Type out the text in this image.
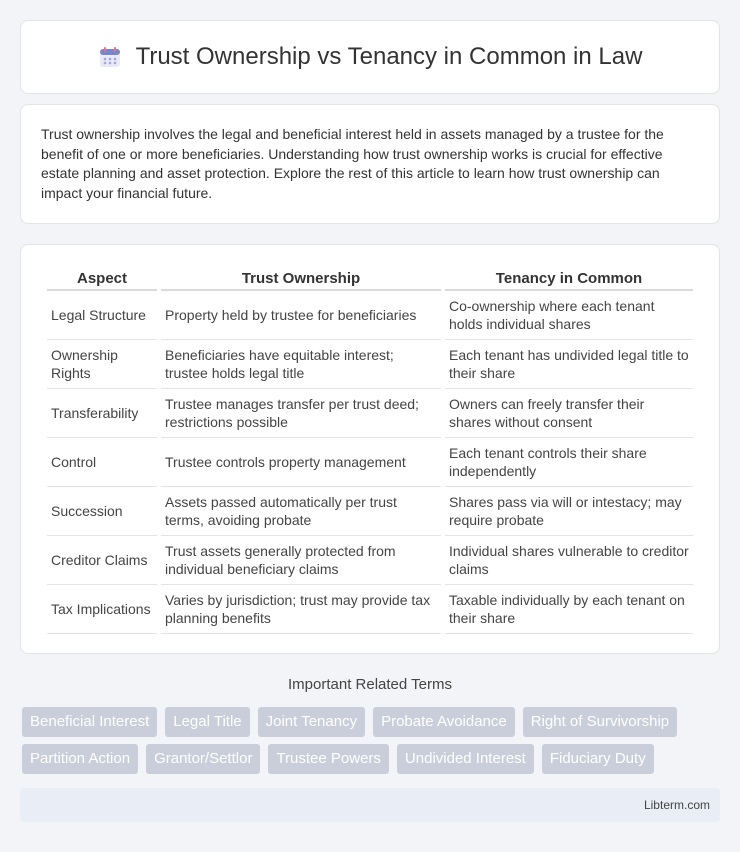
Trust Ownership vs Tenancy in Common in Law

Trust ownership involves the legal and beneficial interest held in assets managed by a trustee for the benefit of one or more beneficiaries. Understanding how trust ownership works is crucial for effective estate planning and asset protection. Explore the rest of this article to learn how trust ownership can impact your financial future.

Aspect	Trust Ownership	Tenancy in Common
Legal Structure	Property held by trustee for beneficiaries	Co-ownership where each tenant holds individual shares
Ownership Rights	Beneficiaries have equitable interest; trustee holds legal title	Each tenant has undivided legal title to their share
Transferability	Trustee manages transfer per trust deed; restrictions possible	Owners can freely transfer their shares without consent
Control	Trustee controls property management	Each tenant controls their share independently
Succession	Assets passed automatically per trust terms, avoiding probate	Shares pass via will or intestacy; may require probate
Creditor Claims	Trust assets generally protected from individual beneficiary claims	Individual shares vulnerable to creditor claims
Tax Implications	Varies by jurisdiction; trust may provide tax planning benefits	Taxable individually by each tenant on their share
Important Related Terms
Beneficial Interest	Legal Title	Joint Tenancy	Probate Avoidance	Right of Survivorship
Partition Action	Grantor/Settlor	Trustee Powers	Undivided Interest	Fiduciary Duty
Libterm.com
